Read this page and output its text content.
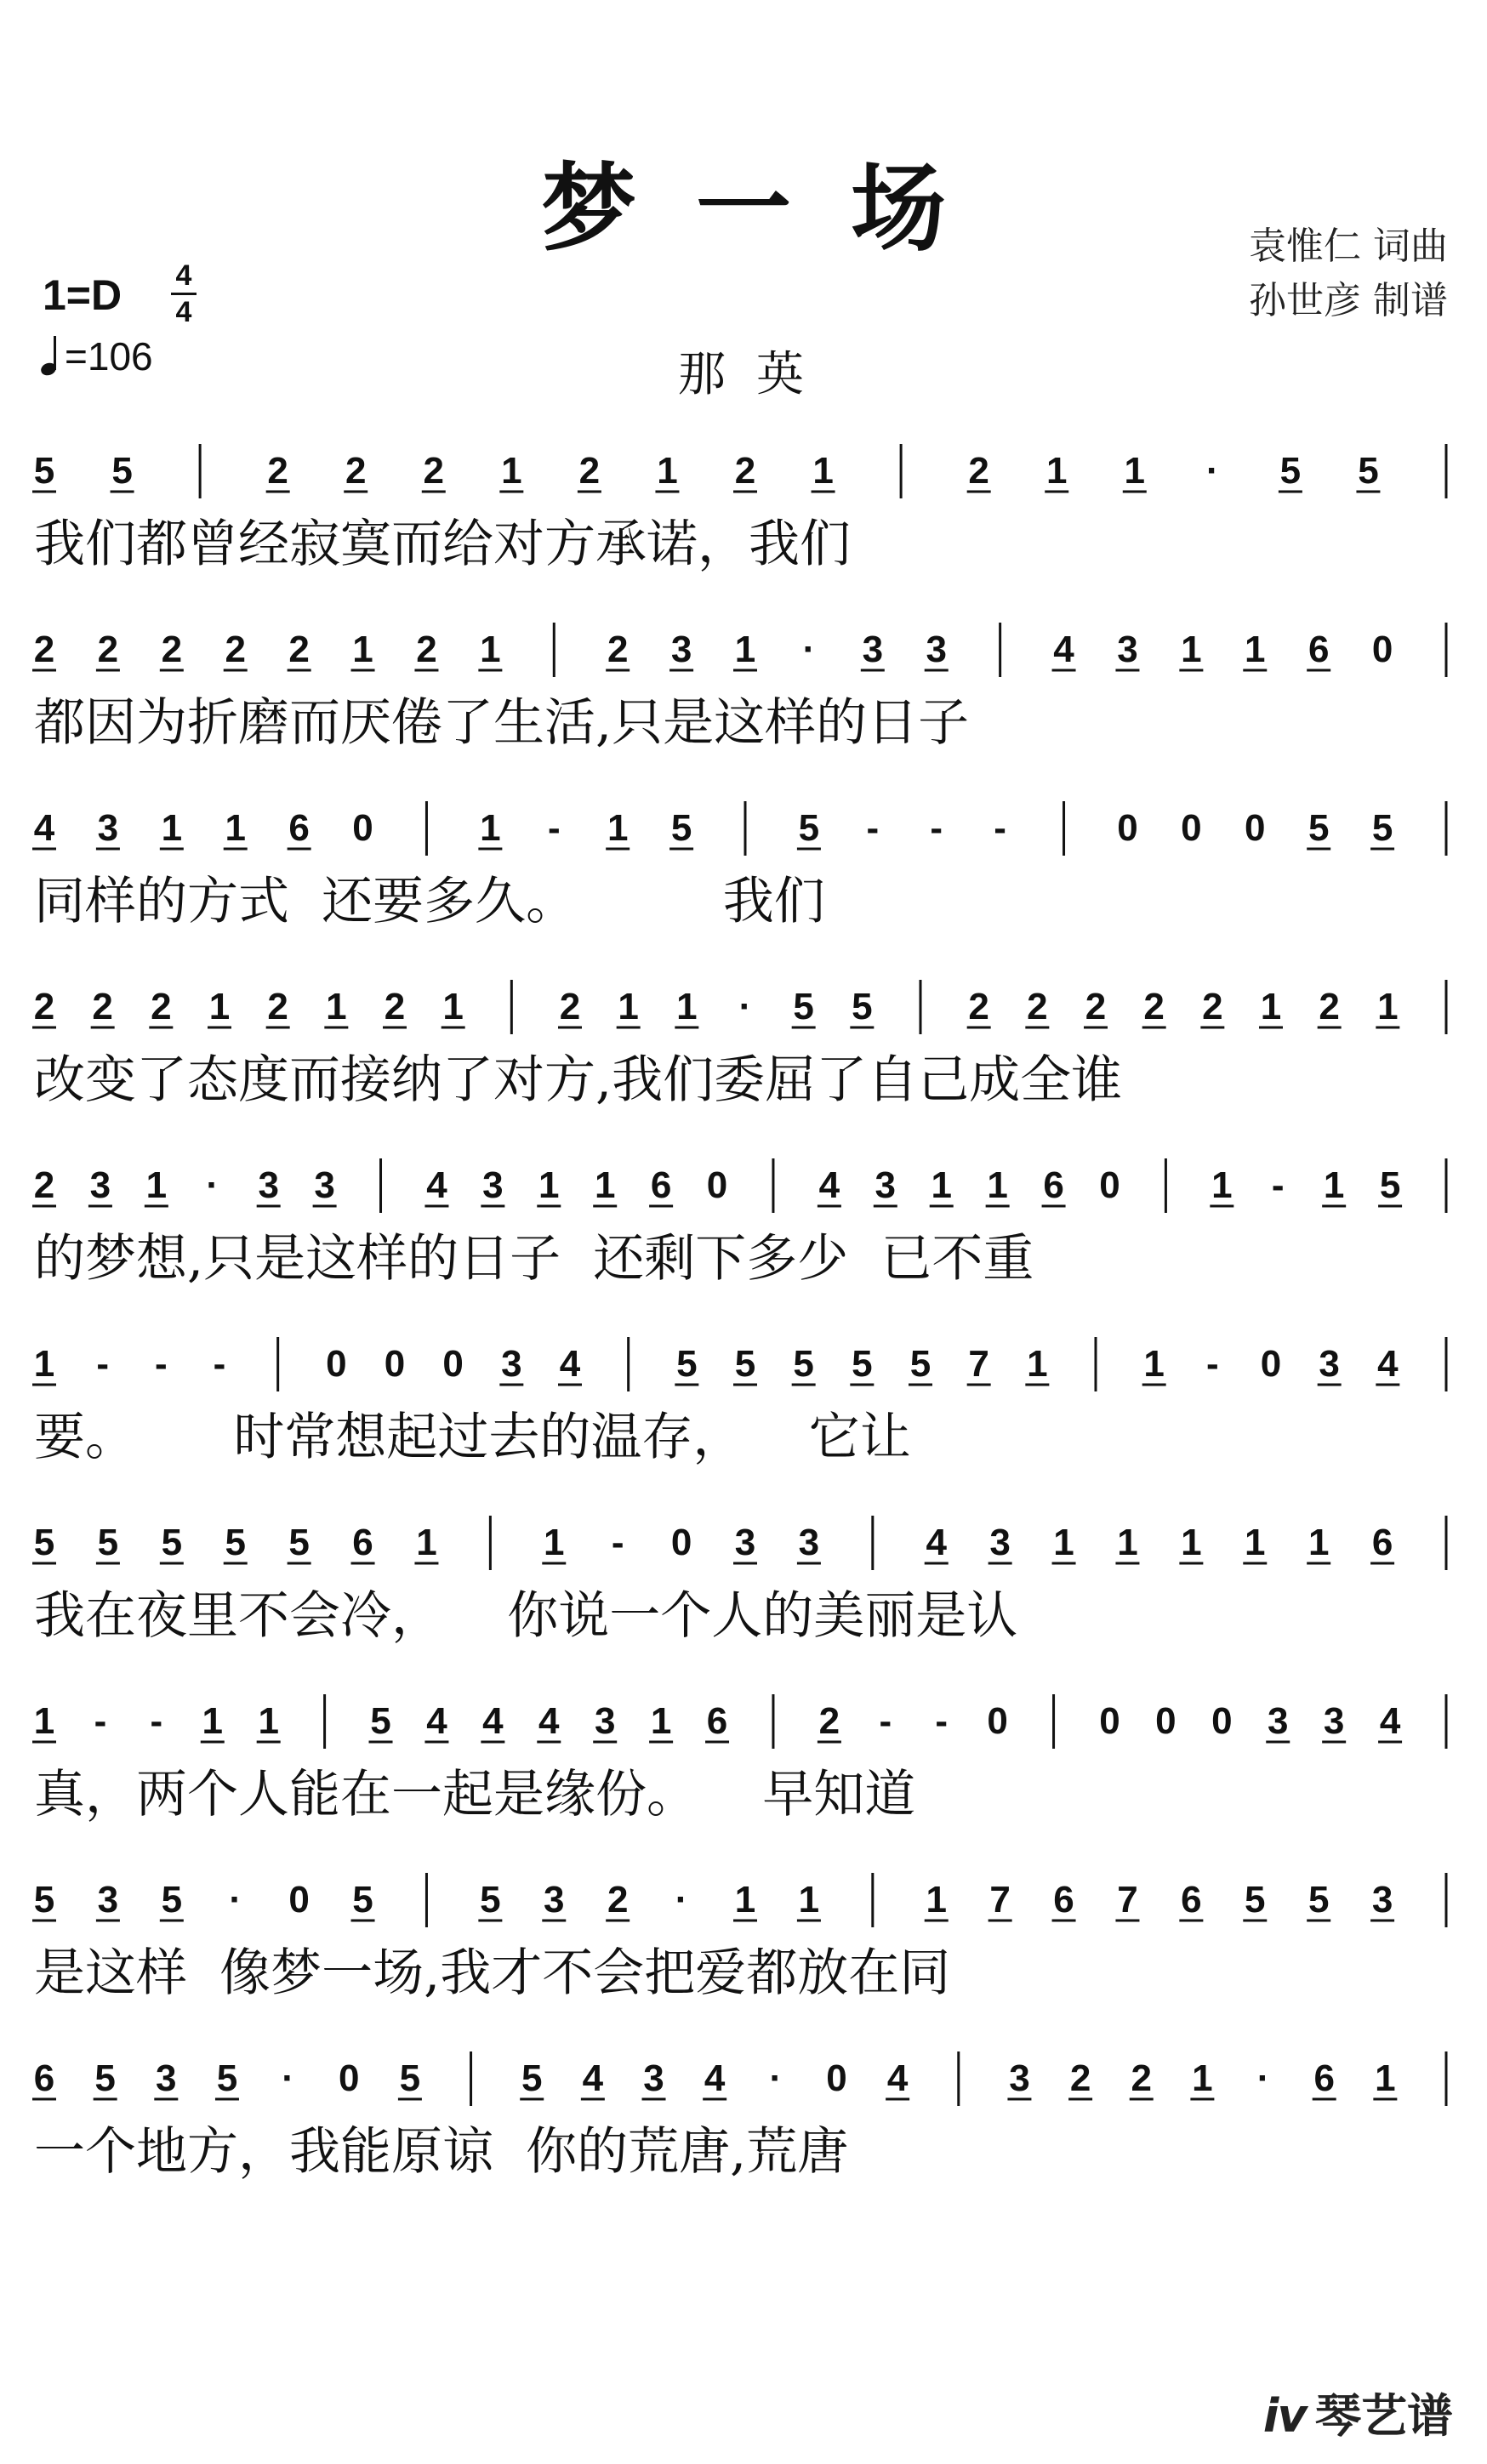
梦一场	袁惟仁 词曲
孙世彦 制谱
1=D	4
4
=106	那英
5 5	2 2 2 1 2 1 2 1	2 1 1 · 5 5
我们都曾经寂寞而给对方承诺，我们
2 2 2 2 2 1 2 1	2 3 1 · 3 3	4 3 1 1 6 0
都因为折磨而厌倦了生活,只是这样的日子
4 3 1 1 6 0	1 - 1 5	5 - - -	0 0 0 5 5
同样的方式  还要多久。         我们
2 2 2 1 2 1 2 1	2 1 1 · 5 5	2 2 2 2 2 1 2 1
改变了态度而接纳了对方,我们委屈了自己成全谁
2 3 1 · 3 3 4 3 1 1 6 0 4 3 1 1 6 0 1 - 1 5
的梦想,只是这样的日子  还剩下多少  已不重
1 - - -	0 0 0 3 4	5 5 5 5 5 7 1	1 - 0 3 4
要。      时常想起过去的温存，    它让
5 5 5 5 5 6 1	1 - 0 3 3	4 3 1 1 1 1 1 6
我在夜里不会冷，    你说一个人的美丽是认
1 - - 1 1 5 4 4 4 3 1 6 2 - - 0 0 0 0 3 3 4
真，两个人能在一起是缘份。    早知道
5 3 5 · 0 5	5 3 2 · 1 1	1 7 6 7 6 5 5 3
是这样  像梦一场,我才不会把爱都放在同
6 5 3 5 · 0 5	5 4 3 4 · 0 4	3 2 2 1 · 6 1
一个地方，我能原谅  你的荒唐,荒唐
ⅳ 琴艺谱
